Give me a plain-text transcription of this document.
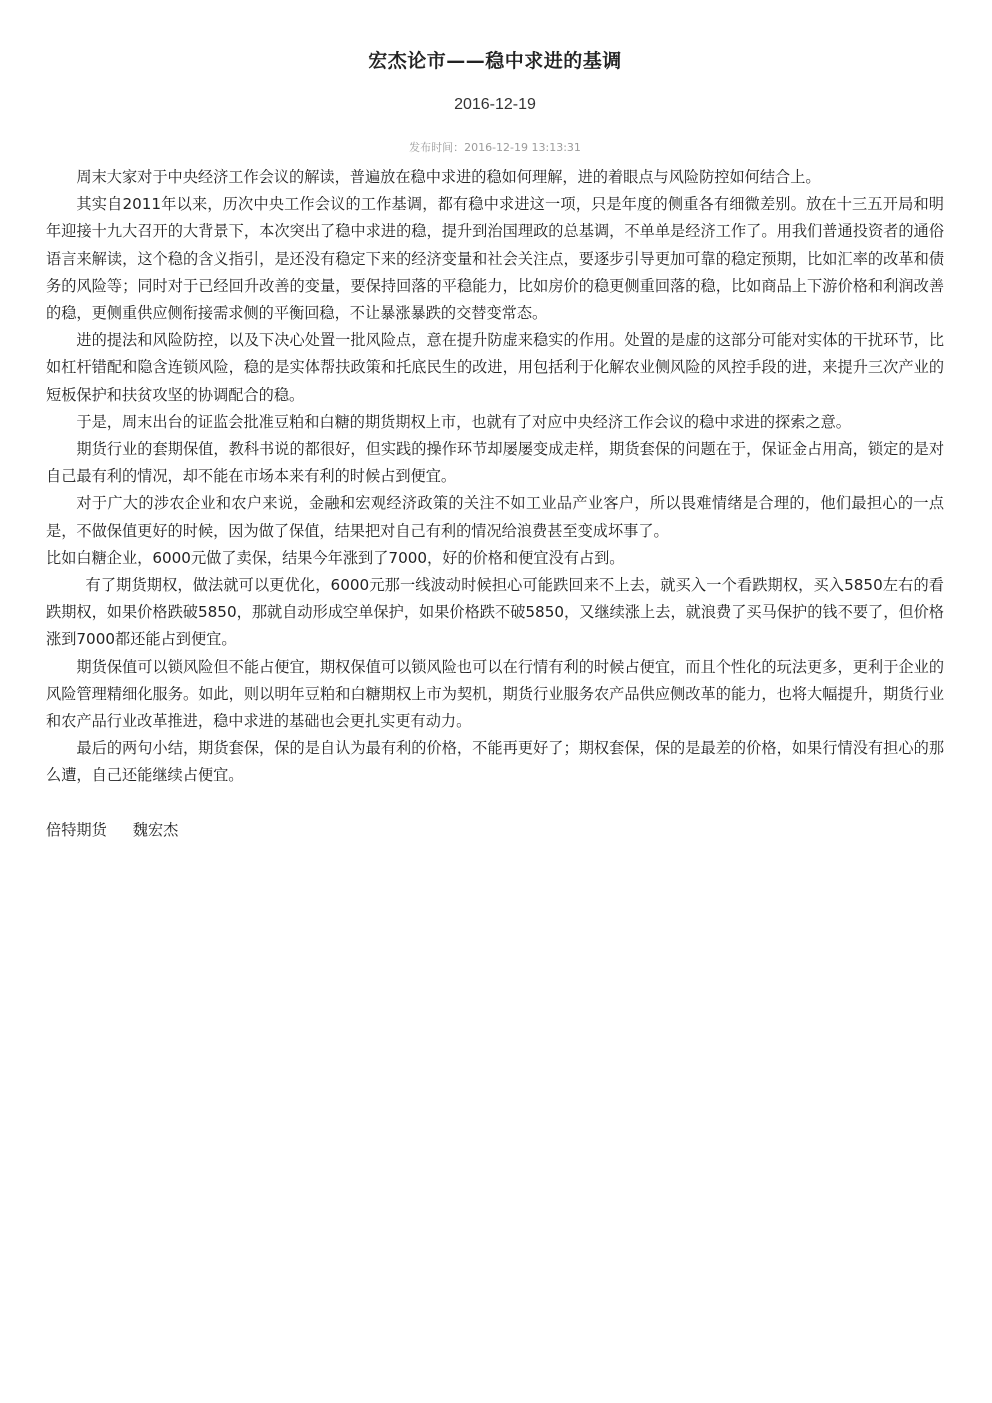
宏杰论市——稳中求进的基调
2016-12-19
发布时间：2016-12-19 13:13:31

周末大家对于中央经济工作会议的解读，普遍放在稳中求进的稳如何理解，进的着眼点与风险防控如何结合上。

其实自2011年以来，历次中央工作会议的工作基调，都有稳中求进这一项，只是年度的侧重各有细微差别。放在十三五开局和明年迎接十九大召开的大背景下，本次突出了稳中求进的稳，提升到治国理政的总基调，不单单是经济工作了。用我们普通投资者的通俗语言来解读，这个稳的含义指引，是还没有稳定下来的经济变量和社会关注点，要逐步引导更加可靠的稳定预期，比如汇率的改革和债务的风险等；同时对于已经回升改善的变量，要保持回落的平稳能力，比如房价的稳更侧重回落的稳，比如商品上下游价格和利润改善的稳，更侧重供应侧衔接需求侧的平衡回稳，不让暴涨暴跌的交替变常态。

进的提法和风险防控，以及下决心处置一批风险点，意在提升防虚来稳实的作用。处置的是虚的这部分可能对实体的干扰环节，比如杠杆错配和隐含连锁风险，稳的是实体帮扶政策和托底民生的改进，用包括利于化解农业侧风险的风控手段的进，来提升三次产业的短板保护和扶贫攻坚的协调配合的稳。

于是，周末出台的证监会批准豆粕和白糖的期货期权上市，也就有了对应中央经济工作会议的稳中求进的探索之意。

期货行业的套期保值，教科书说的都很好，但实践的操作环节却屡屡变成走样，期货套保的问题在于，保证金占用高，锁定的是对自己最有利的情况，却不能在市场本来有利的时候占到便宜。

对于广大的涉农企业和农户来说，金融和宏观经济政策的关注不如工业品产业客户，所以畏难情绪是合理的，他们最担心的一点是，不做保值更好的时候，因为做了保值，结果把对自己有利的情况给浪费甚至变成坏事了。

比如白糖企业，6000元做了卖保，结果今年涨到了7000，好的价格和便宜没有占到。

有了期货期权，做法就可以更优化，6000元那一线波动时候担心可能跌回来不上去，就买入一个看跌期权，买入5850左右的看跌期权，如果价格跌破5850，那就自动形成空单保护，如果价格跌不破5850，又继续涨上去，就浪费了买马保护的钱不要了，但价格涨到7000都还能占到便宜。

期货保值可以锁风险但不能占便宜，期权保值可以锁风险也可以在行情有利的时候占便宜，而且个性化的玩法更多，更利于企业的风险管理精细化服务。如此，则以明年豆粕和白糖期权上市为契机，期货行业服务农产品供应侧改革的能力，也将大幅提升，期货行业和农产品行业改革推进，稳中求进的基础也会更扎实更有动力。

最后的两句小结，期货套保，保的是自认为最有利的价格，不能再更好了；期权套保，保的是最差的价格，如果行情没有担心的那么遭，自己还能继续占便宜。

倍特期货 魏宏杰
